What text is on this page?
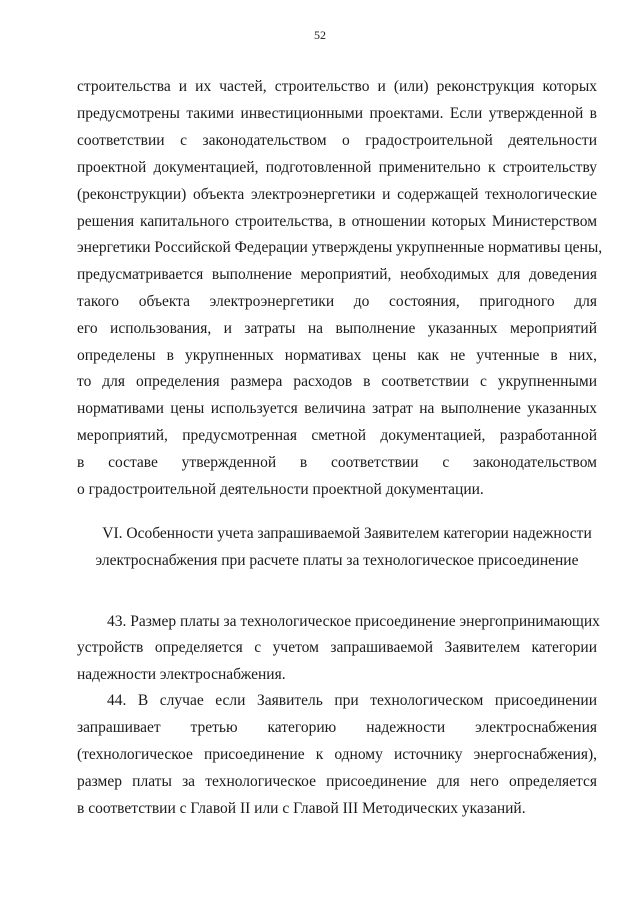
52
строительства и их частей, строительство и (или) реконструкция которых
предусмотрены такими инвестиционными проектами. Если утвержденной в
соответствии с законодательством о градостроительной деятельности
проектной документацией, подготовленной применительно к строительству
(реконструкции) объекта электроэнергетики и содержащей технологические
решения капитального строительства, в отношении которых Министерством
энергетики Российской Федерации утверждены укрупненные нормативы цены,
предусматривается выполнение мероприятий, необходимых для доведения
такого объекта электроэнергетики до состояния, пригодного для
его использования, и затраты на выполнение указанных мероприятий
определены в укрупненных нормативах цены как не учтенные в них,
то для определения размера расходов в соответствии с укрупненными
нормативами цены используется величина затрат на выполнение указанных
мероприятий, предусмотренная сметной документацией, разработанной
в составе утвержденной в соответствии с законодательством
о градостроительной деятельности проектной документации.
VI. Особенности учета запрашиваемой Заявителем категории надежности
электроснабжения при расчете платы за технологическое присоединение
43. Размер платы за технологическое присоединение энергопринимающих
устройств определяется с учетом запрашиваемой Заявителем категории
надежности электроснабжения.
44. В случае если Заявитель при технологическом присоединении
запрашивает третью категорию надежности электроснабжения
(технологическое присоединение к одному источнику энергоснабжения),
размер платы за технологическое присоединение для него определяется
в соответствии с Главой II или с Главой III Методических указаний.
